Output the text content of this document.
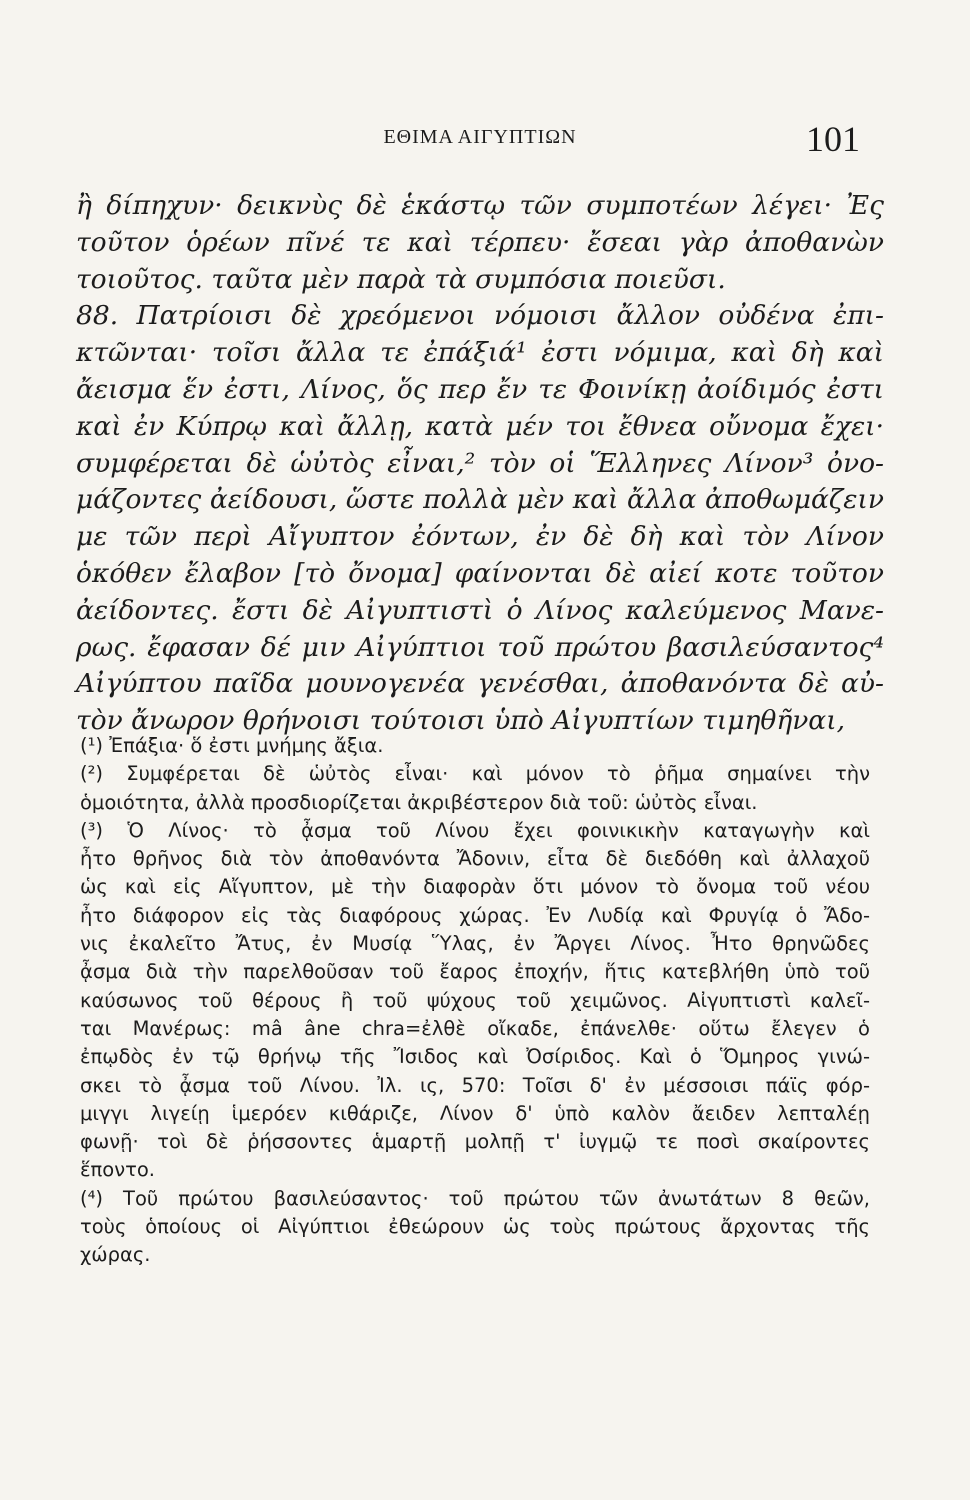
ΕΘΙΜΑ ΑΙΓΥΠΤΙΩΝ	101
ἢ δίπηχυν· δεικνὺς δὲ ἑκάστῳ τῶν συμποτέων λέγει· Ἐς
τοῦτον ὁρέων πῖνέ τε καὶ τέρπευ· ἔσεαι γὰρ ἀποθανὼν
τοιοῦτος. ταῦτα μὲν παρὰ τὰ συμπόσια ποιεῦσι.
88. Πατρίοισι δὲ χρεόμενοι νόμοισι ἄλλον οὐδένα ἐπι-
κτῶνται· τοῖσι ἄλλα τε ἐπάξιά¹ ἐστι νόμιμα, καὶ δὴ καὶ
ἄεισμα ἕν ἐστι, Λίνος, ὅς περ ἔν τε Φοινίκῃ ἀοίδιμός ἐστι
καὶ ἐν Κύπρῳ καὶ ἄλλῃ, κατὰ μέν τοι ἔθνεα οὔνομα ἔχει·
συμφέρεται δὲ ὡὐτὸς εἶναι,² τὸν οἱ Ἕλληνες Λίνον³ ὀνο-
μάζοντες ἀείδουσι, ὥστε πολλὰ μὲν καὶ ἄλλα ἀποθωμάζειν
με τῶν περὶ Αἴγυπτον ἐόντων, ἐν δὲ δὴ καὶ τὸν Λίνον
ὁκόθεν ἔλαβον [τὸ ὄνομα] φαίνονται δὲ αἰεί κοτε τοῦτον
ἀείδοντες. ἔστι δὲ Αἰγυπτιστὶ ὁ Λίνος καλεύμενος Μανε-
ρως. ἔφασαν δέ μιν Αἰγύπτιοι τοῦ πρώτου βασιλεύσαντος⁴
Αἰγύπτου παῖδα μουνογενέα γενέσθαι, ἀποθανόντα δὲ αὐ-
τὸν ἄνωρον θρήνοισι τούτοισι ὑπὸ Αἰγυπτίων τιμηθῆναι,
(¹) Ἐπάξια· ὅ ἐστι μνήμης ἄξια.
(²) Συμφέρεται δὲ ὡὐτὸς εἶναι· καὶ μόνον τὸ ῥῆμα σημαίνει τὴν
ὁμοιότητα, ἀλλὰ προσδιορίζεται ἀκριβέστερον διὰ τοῦ: ὡὐτὸς εἶναι.
(³) Ὁ Λίνος· τὸ ᾆσμα τοῦ Λίνου ἔχει φοινικικὴν καταγωγὴν καὶ
ἦτο θρῆνος διὰ τὸν ἀποθανόντα Ἄδονιν, εἶτα δὲ διεδόθη καὶ ἀλλαχοῦ
ὡς καὶ εἰς Αἴγυπτον, μὲ τὴν διαφορὰν ὅτι μόνον τὸ ὄνομα τοῦ νέου
ἦτο διάφορον εἰς τὰς διαφόρους χώρας. Ἐν Λυδίᾳ καὶ Φρυγίᾳ ὁ Ἄδο-
νις ἐκαλεῖτο Ἄτυς, ἐν Μυσίᾳ Ὕλας, ἐν Ἄργει Λίνος. Ἦτο θρηνῶδες
ᾆσμα διὰ τὴν παρελθοῦσαν τοῦ ἔαρος ἐποχήν, ἥτις κατεβλήθη ὑπὸ τοῦ
καύσωνος τοῦ θέρους ἢ τοῦ ψύχους τοῦ χειμῶνος. Αἰγυπτιστὶ καλεῖ-
ται Μανέρως: mâ âne chra=ἐλθὲ οἴκαδε, ἐπάνελθε· οὕτω ἔλεγεν ὁ
ἐπῳδὸς ἐν τῷ θρήνῳ τῆς Ἴσιδος καὶ Ὀσίριδος. Καὶ ὁ Ὅμηρος γινώ-
σκει τὸ ᾆσμα τοῦ Λίνου. Ἰλ. ις, 570: Τοῖσι δ' ἐν μέσσοισι πάϊς φόρ-
μιγγι λιγείῃ ἱμερόεν κιθάριζε, Λίνον δ' ὑπὸ καλὸν ἄειδεν λεπταλέῃ
φωνῇ· τοὶ δὲ ῥήσσοντες ἁμαρτῇ μολπῇ τ' ἰυγμῷ τε ποσὶ σκαίροντες
ἕποντο.
(⁴) Τοῦ πρώτου βασιλεύσαντος· τοῦ πρώτου τῶν ἀνωτάτων 8 θεῶν,
τοὺς ὁποίους οἱ Αἰγύπτιοι ἐθεώρουν ὡς τοὺς πρώτους ἄρχοντας τῆς
χώρας.
